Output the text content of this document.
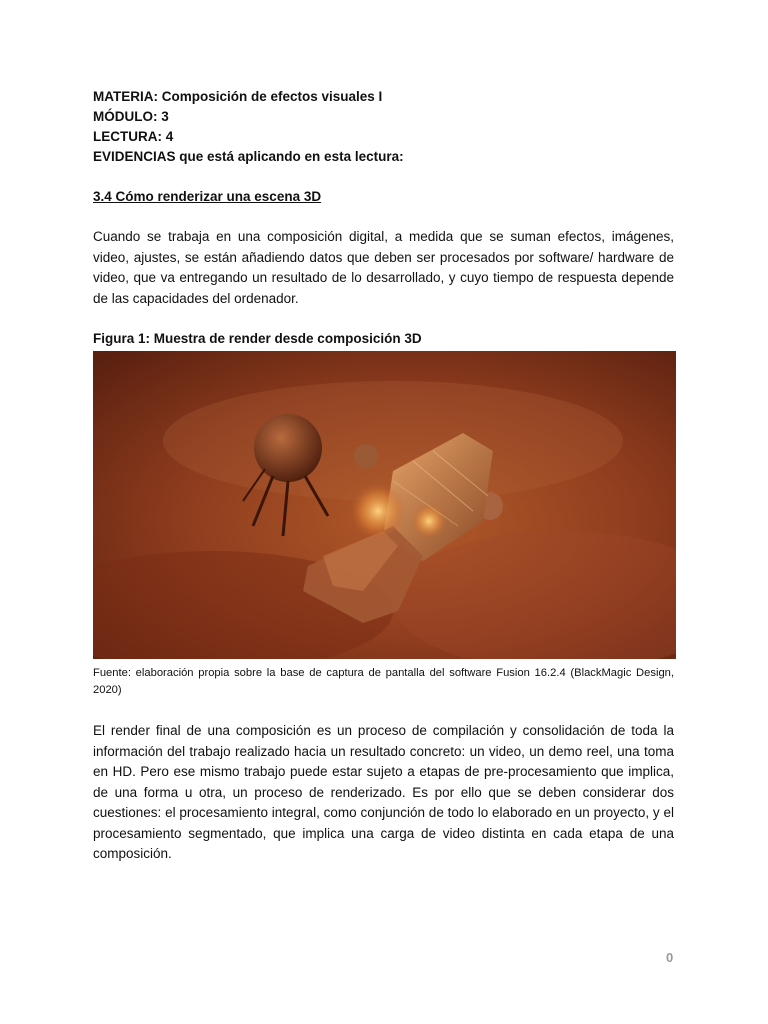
MATERIA: Composición de efectos visuales I
MÓDULO: 3
LECTURA: 4
EVIDENCIAS que está aplicando en esta lectura:
3.4 Cómo renderizar una escena 3D
Cuando se trabaja en una composición digital, a medida que se suman efectos, imágenes, video, ajustes, se están añadiendo datos que deben ser procesados por software/ hardware de video, que va entregando un resultado de lo desarrollado, y cuyo tiempo de respuesta depende de las capacidades del ordenador.
Figura 1: Muestra de render desde composición 3D
Fuente: elaboración propia sobre la base de captura de pantalla del software Fusion 16.2.4 (BlackMagic Design, 2020)
El render final de una composición es un proceso de compilación y consolidación de toda la información del trabajo realizado hacia un resultado concreto: un video, un demo reel, una toma en HD. Pero ese mismo trabajo puede estar sujeto a etapas de pre-procesamiento que implica, de una forma u otra, un proceso de renderizado. Es por ello que se deben considerar dos cuestiones: el procesamiento integral, como conjunción de todo lo elaborado en un proyecto, y el procesamiento segmentado, que implica una carga de video distinta en cada etapa de una composición.
0
